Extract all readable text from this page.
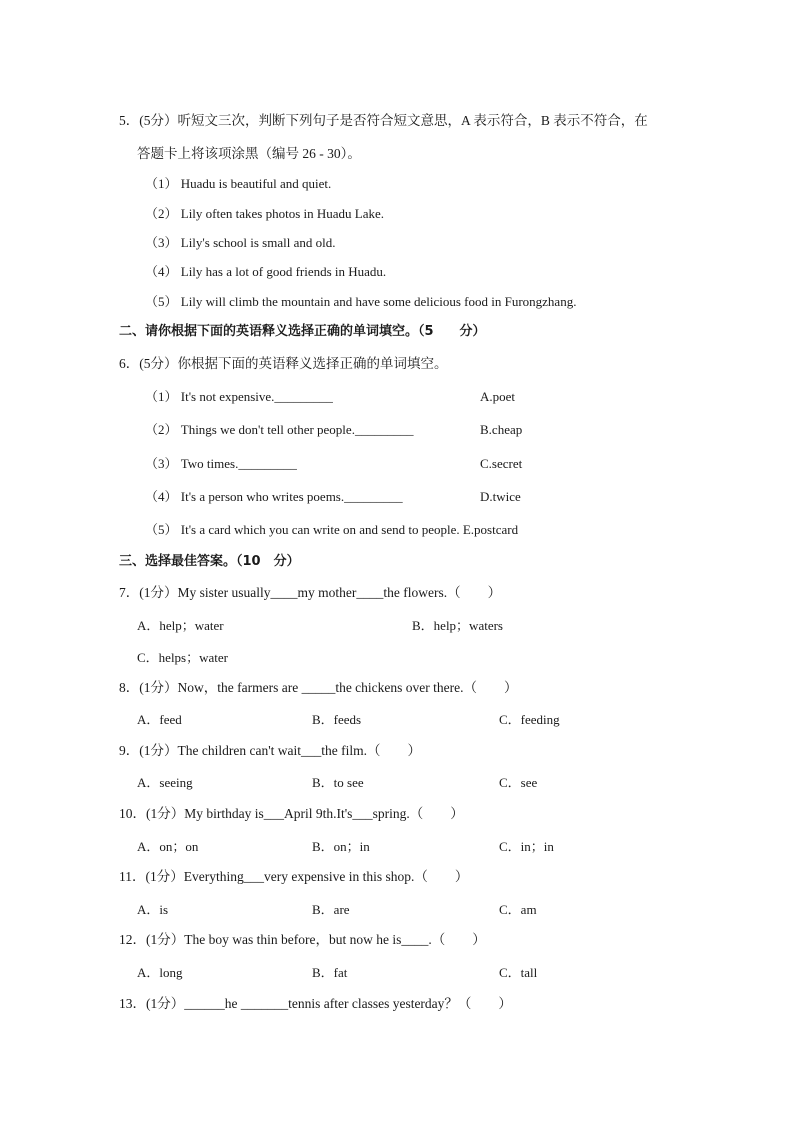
5．(5分）听短文三次，判断下列句子是否符合短文意思，A 表示符合，B 表示不符合，在
答题卡上将该项涂黑（编号 26 - 30）。
（1） Huadu is beautiful and quiet.
（2） Lily often takes photos in Huadu Lake.
（3） Lily's school is small and old.
（4） Lily has a lot of good friends in Huadu.
（5） Lily will climb the mountain and have some delicious food in Furongzhang.
二、请你根据下面的英语释义选择正确的单词填空。（5　　分）
6．(5分）你根据下面的英语释义选择正确的单词填空。
（1） It's not expensive._________	A.poet
（2） Things we don't tell other people._________	B.cheap
（3） Two times._________	C.secret
（4） It's a person who writes poems._________	D.twice
（5） It's a card which you can write on and send to people. E.postcard
三、选择最佳答案。（10　分）
7．(1分）My sister usually____my mother____the flowers.（　　）
A．help；water	B．help；waters
C．helps；water
8．(1分）Now，the farmers are _____the chickens over there.（　　）
A．feed	B．feeds	C．feeding
9．(1分）The children can't wait___the film.（　　）
A．seeing	B．to see	C．see
10．(1分）My birthday is___April 9th.It's___spring.（　　）
A．on；on	B．on；in	C．in；in
11．(1分）Everything___very expensive in this shop.（　　）
A．is	B．are	C．am
12．(1分）The boy was thin before，but now he is____.（　　）
A．long	B．fat	C．tall
13．(1分）______he _______tennis after classes yesterday？（　　）
